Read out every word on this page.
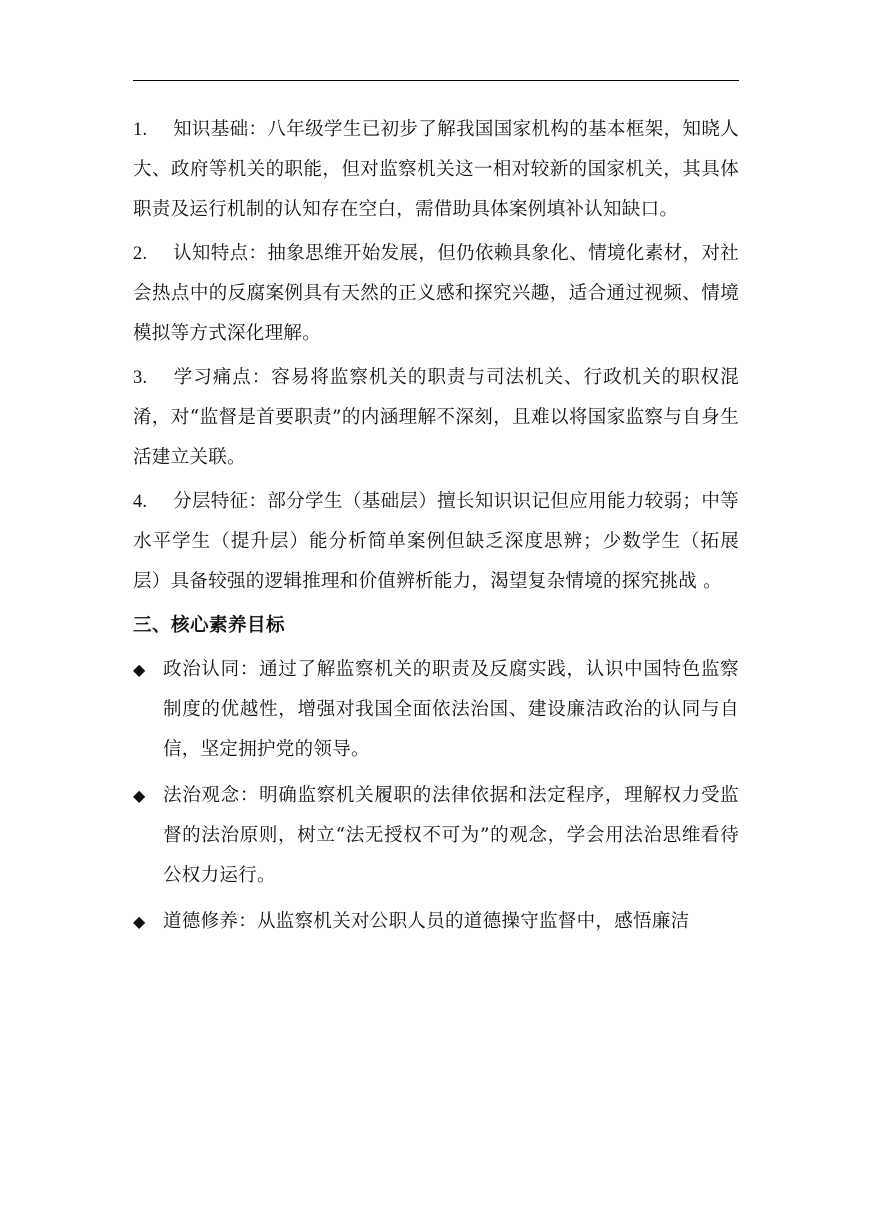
1. 知识基础：八年级学生已初步了解我国国家机构的基本框架，知晓人大、政府等机关的职能，但对监察机关这一相对较新的国家机关，其具体职责及运行机制的认知存在空白，需借助具体案例填补认知缺口。

2. 认知特点：抽象思维开始发展，但仍依赖具象化、情境化素材，对社会热点中的反腐案例具有天然的正义感和探究兴趣，适合通过视频、情境模拟等方式深化理解。

3. 学习痛点：容易将监察机关的职责与司法机关、行政机关的职权混淆，对“监督是首要职责”的内涵理解不深刻，且难以将国家监察与自身生活建立关联。

4. 分层特征：部分学生（基础层）擅长知识识记但应用能力较弱；中等水平学生（提升层）能分析简单案例但缺乏深度思辨；少数学生（拓展层）具备较强的逻辑推理和价值辨析能力，渴望复杂情境的探究挑战 。

三、核心素养目标

◆ 政治认同：通过了解监察机关的职责及反腐实践，认识中国特色监察制度的优越性，增强对我国全面依法治国、建设廉洁政治的认同与自信，坚定拥护党的领导。

◆ 法治观念：明确监察机关履职的法律依据和法定程序，理解权力受监督的法治原则，树立“法无授权不可为”的观念，学会用法治思维看待公权力运行。

◆ 道德修养：从监察机关对公职人员的道德操守监督中，感悟廉洁
